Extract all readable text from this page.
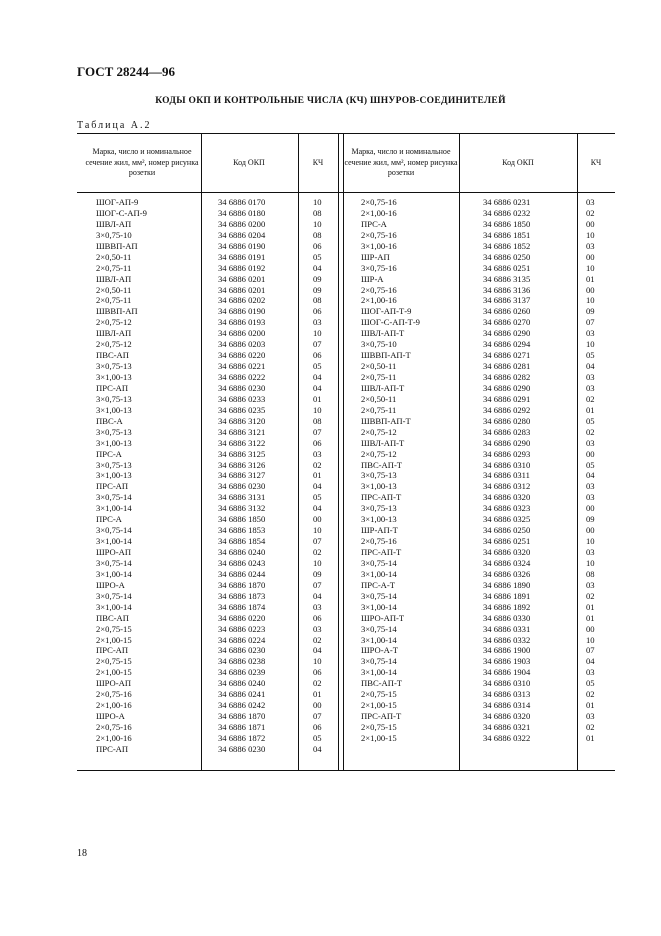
ГОСТ 28244—96
КОДЫ ОКП И КОНТРОЛЬНЫЕ ЧИСЛА (КЧ) ШНУРОВ-СОЕДИНИТЕЛЕЙ
Таблица А.2
Марка, число и номинальное сечение жил, мм², номер рисунка розетки
Код ОКП	КЧ
Марка, число и номинальное сечение жил, мм², номер рисунка розетки
Код ОКП	КЧ
ШОГ-АП-9	34 6886 0170	10	2×0,75-16	34 6886 0231	03
ШОГ-С-АП-9	34 6886 0180	08	2×1,00-16	34 6886 0232	02
ШВЛ-АП	34 6886 0200	10	ПРС-А	34 6886 1850	00
3×0,75-10	34 6886 0204	08	2×0,75-16	34 6886 1851	10
ШВВП-АП	34 6886 0190	06	3×1,00-16	34 6886 1852	03
2×0,50-11	34 6886 0191	05	ШР-АП	34 6886 0250	00
2×0,75-11	34 6886 0192	04	3×0,75-16	34 6886 0251	10
ШВЛ-АП	34 6886 0201	09	ШР-А	34 6886 3135	01
2×0,50-11	34 6886 0201	09	2×0,75-16	34 6886 3136	00
2×0,75-11	34 6886 0202	08	2×1,00-16	34 6886 3137	10
ШВВП-АП	34 6886 0190	06	ШОГ-АП-Т-9	34 6886 0260	09
2×0,75-12	34 6886 0193	03	ШОГ-С-АП-Т-9	34 6886 0270	07
ШВЛ-АП	34 6886 0200	10	ШВЛ-АП-Т	34 6886 0290	03
2×0,75-12	34 6886 0203	07	3×0,75-10	34 6886 0294	10
ПВС-АП	34 6886 0220	06	ШВВП-АП-Т	34 6886 0271	05
3×0,75-13	34 6886 0221	05	2×0,50-11	34 6886 0281	04
3×1,00-13	34 6886 0222	04	2×0,75-11	34 6886 0282	03
ПРС-АП	34 6886 0230	04	ШВЛ-АП-Т	34 6886 0290	03
3×0,75-13	34 6886 0233	01	2×0,50-11	34 6886 0291	02
3×1,00-13	34 6886 0235	10	2×0,75-11	34 6886 0292	01
ПВС-А	34 6886 3120	08	ШВВП-АП-Т	34 6886 0280	05
3×0,75-13	34 6886 3121	07	2×0,75-12	34 6886 0283	02
3×1,00-13	34 6886 3122	06	ШВЛ-АП-Т	34 6886 0290	03
ПРС-А	34 6886 3125	03	2×0,75-12	34 6886 0293	00
3×0,75-13	34 6886 3126	02	ПВС-АП-Т	34 6886 0310	05
3×1,00-13	34 6886 3127	01	3×0,75-13	34 6886 0311	04
ПРС-АП	34 6886 0230	04	3×1,00-13	34 6886 0312	03
3×0,75-14	34 6886 3131	05	ПРС-АП-Т	34 6886 0320	03
3×1,00-14	34 6886 3132	04	3×0,75-13	34 6886 0323	00
ПРС-А	34 6886 1850	00	3×1,00-13	34 6886 0325	09
3×0,75-14	34 6886 1853	10	ШР-АП-Т	34 6886 0250	00
3×1,00-14	34 6886 1854	07	2×0,75-16	34 6886 0251	10
ШРО-АП	34 6886 0240	02	ПРС-АП-Т	34 6886 0320	03
3×0,75-14	34 6886 0243	10	3×0,75-14	34 6886 0324	10
3×1,00-14	34 6886 0244	09	3×1,00-14	34 6886 0326	08
ШРО-А	34 6886 1870	07	ПРС-А-Т	34 6886 1890	03
3×0,75-14	34 6886 1873	04	3×0,75-14	34 6886 1891	02
3×1,00-14	34 6886 1874	03	3×1,00-14	34 6886 1892	01
ПВС-АП	34 6886 0220	06	ШРО-АП-Т	34 6886 0330	01
2×0,75-15	34 6886 0223	03	3×0,75-14	34 6886 0331	00
2×1,00-15	34 6886 0224	02	3×1,00-14	34 6886 0332	10
ПРС-АП	34 6886 0230	04	ШРО-А-Т	34 6886 1900	07
2×0,75-15	34 6886 0238	10	3×0,75-14	34 6886 1903	04
2×1,00-15	34 6886 0239	06	3×1,00-14	34 6886 1904	03
ШРО-АП	34 6886 0240	02	ПВС-АП-Т	34 6886 0310	05
2×0,75-16	34 6886 0241	01	2×0,75-15	34 6886 0313	02
2×1,00-16	34 6886 0242	00	2×1,00-15	34 6886 0314	01
ШРО-А	34 6886 1870	07	ПРС-АП-Т	34 6886 0320	03
2×0,75-16	34 6886 1871	06	2×0,75-15	34 6886 0321	02
2×1,00-16	34 6886 1872	05	2×1,00-15	34 6886 0322	01
ПРС-АП	34 6886 0230	04
18
